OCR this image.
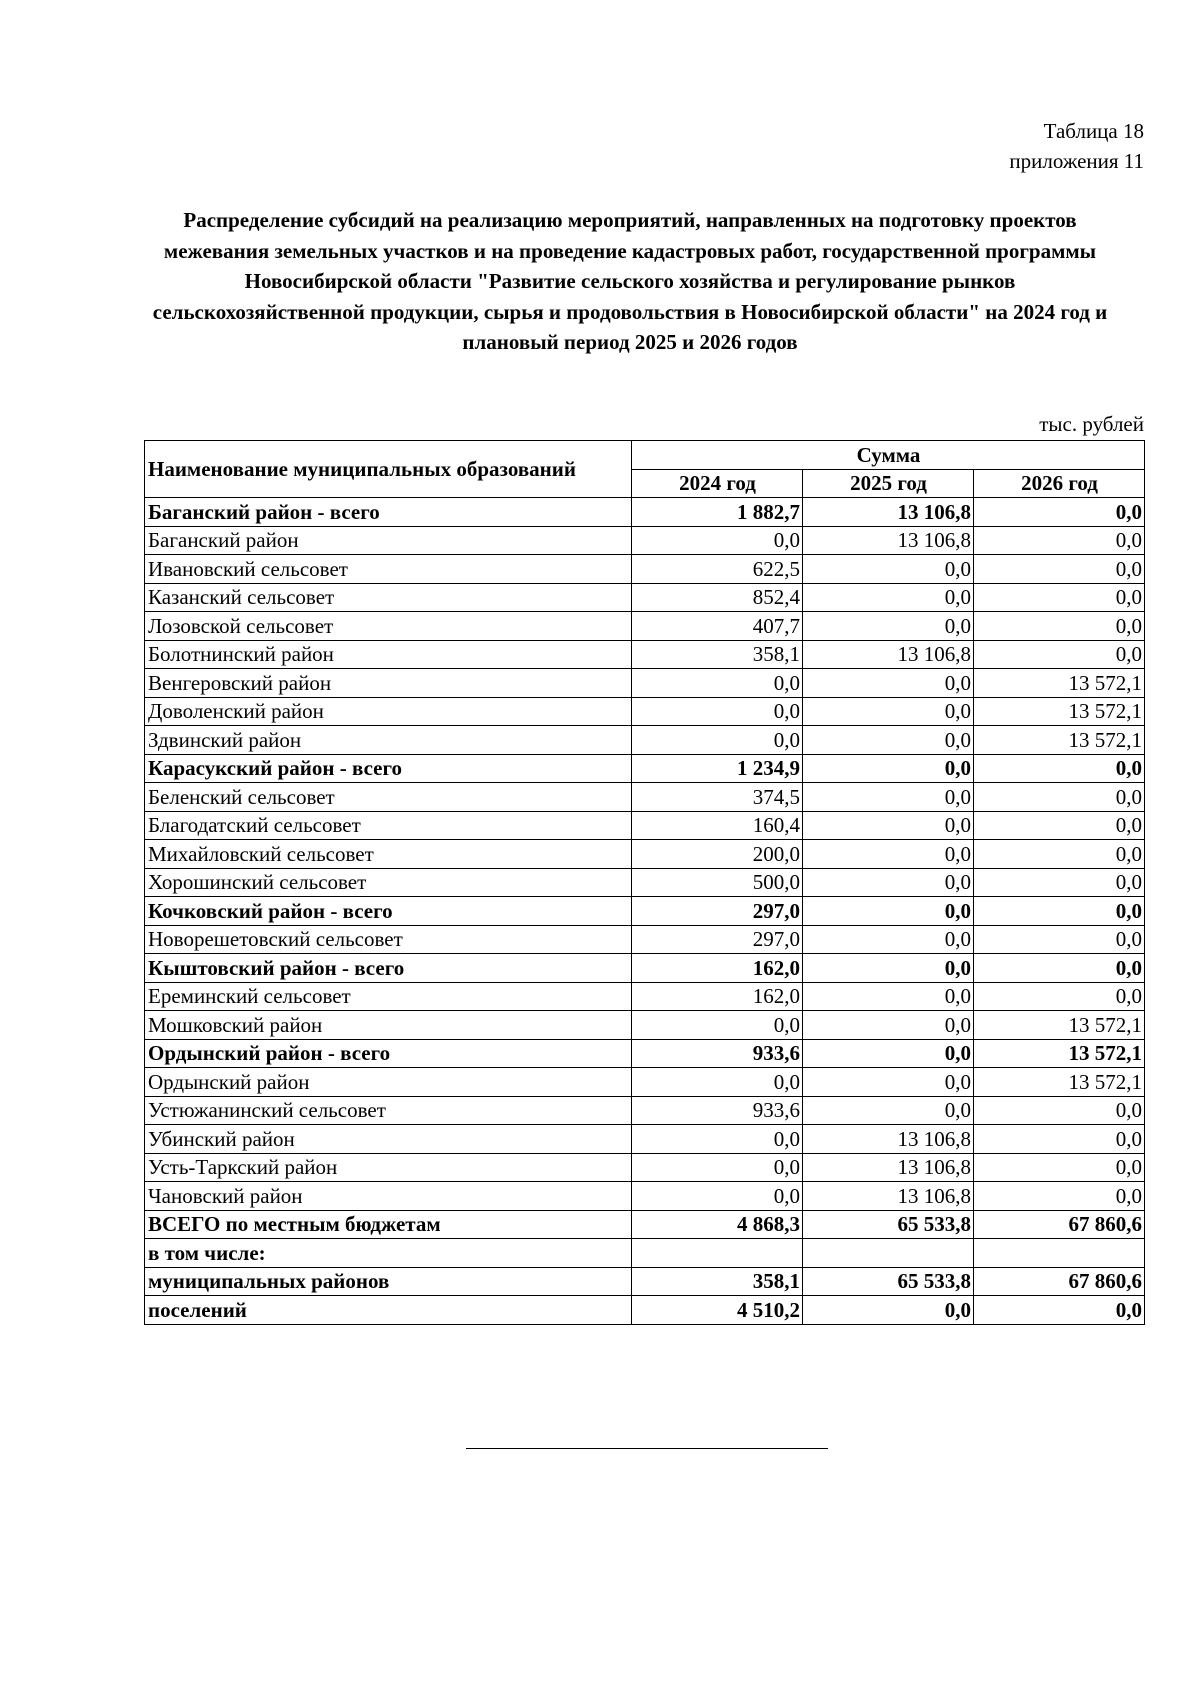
Таблица 18
приложения 11
Распределение субсидий на реализацию мероприятий, направленных на подготовку проектов межевания земельных участков и на проведение кадастровых работ, государственной программы Новосибирской области "Развитие сельского хозяйства и регулирование рынков сельскохозяйственной продукции, сырья и продовольствия в Новосибирской области" на 2024 год и плановый период 2025 и 2026 годов
тыс. рублей
Наименование муниципальных образований	Сумма		
	2024 год	2025 год	2026 год
Баганский район - всего	1 882,7	13 106,8	0,0
Баганский район	0,0	13 106,8	0,0
Ивановский сельсовет	622,5	0,0	0,0
Казанский сельсовет	852,4	0,0	0,0
Лозовской сельсовет	407,7	0,0	0,0
Болотнинский район	358,1	13 106,8	0,0
Венгеровский район	0,0	0,0	13 572,1
Доволенский район	0,0	0,0	13 572,1
Здвинский район	0,0	0,0	13 572,1
Карасукский район - всего	1 234,9	0,0	0,0
Беленский сельсовет	374,5	0,0	0,0
Благодатский сельсовет	160,4	0,0	0,0
Михайловский сельсовет	200,0	0,0	0,0
Хорошинский сельсовет	500,0	0,0	0,0
Кочковский район - всего	297,0	0,0	0,0
Новорешетовский сельсовет	297,0	0,0	0,0
Кыштовский район - всего	162,0	0,0	0,0
Ереминский сельсовет	162,0	0,0	0,0
Мошковский район	0,0	0,0	13 572,1
Ордынский район - всего	933,6	0,0	13 572,1
Ордынский район	0,0	0,0	13 572,1
Устюжанинский сельсовет	933,6	0,0	0,0
Убинский район	0,0	13 106,8	0,0
Усть-Таркский район	0,0	13 106,8	0,0
Чановский район	0,0	13 106,8	0,0
ВСЕГО по местным бюджетам	4 868,3	65 533,8	67 860,6
в том числе:			
муниципальных районов	358,1	65 533,8	67 860,6
поселений	4 510,2	0,0	0,0
